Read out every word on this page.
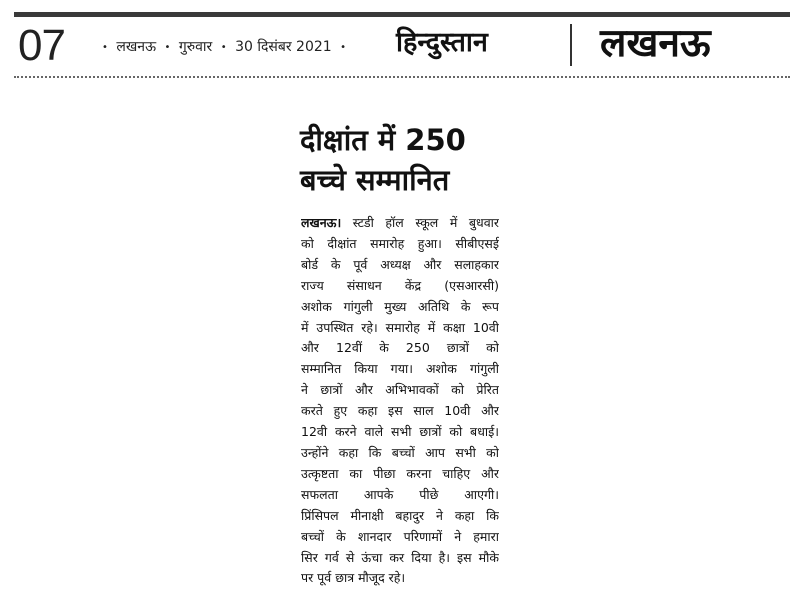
07	• लखनऊ • गुरुवार • 30 दिसंबर 2021 • हिन्दुस्तान	लखनऊ
दीक्षांत में 250
बच्चे सम्मानित
लखनऊ। स्टडी हॉल स्कूल में बुधवार
को दीक्षांत समारोह हुआ। सीबीएसई
बोर्ड के पूर्व अध्यक्ष और सलाहकार
राज्य संसाधन केंद्र (एसआरसी)
अशोक गांगुली मुख्य अतिथि के रूप
में उपस्थित रहे। समारोह में कक्षा 10वी
और 12वीं के 250 छात्रों को
सम्मानित किया गया। अशोक गांगुली
ने छात्रों और अभिभावकों को प्रेरित
करते हुए कहा इस साल 10वी और
12वी करने वाले सभी छात्रों को बधाई।
उन्होंने कहा कि बच्चों आप सभी को
उत्कृष्टता का पीछा करना चाहिए और
सफलता आपके पीछे आएगी।
प्रिंसिपल मीनाक्षी बहादुर ने कहा कि
बच्चों के शानदार परिणामों ने हमारा
सिर गर्व से ऊंचा कर दिया है। इस मौके
पर पूर्व छात्र मौजूद रहे।
